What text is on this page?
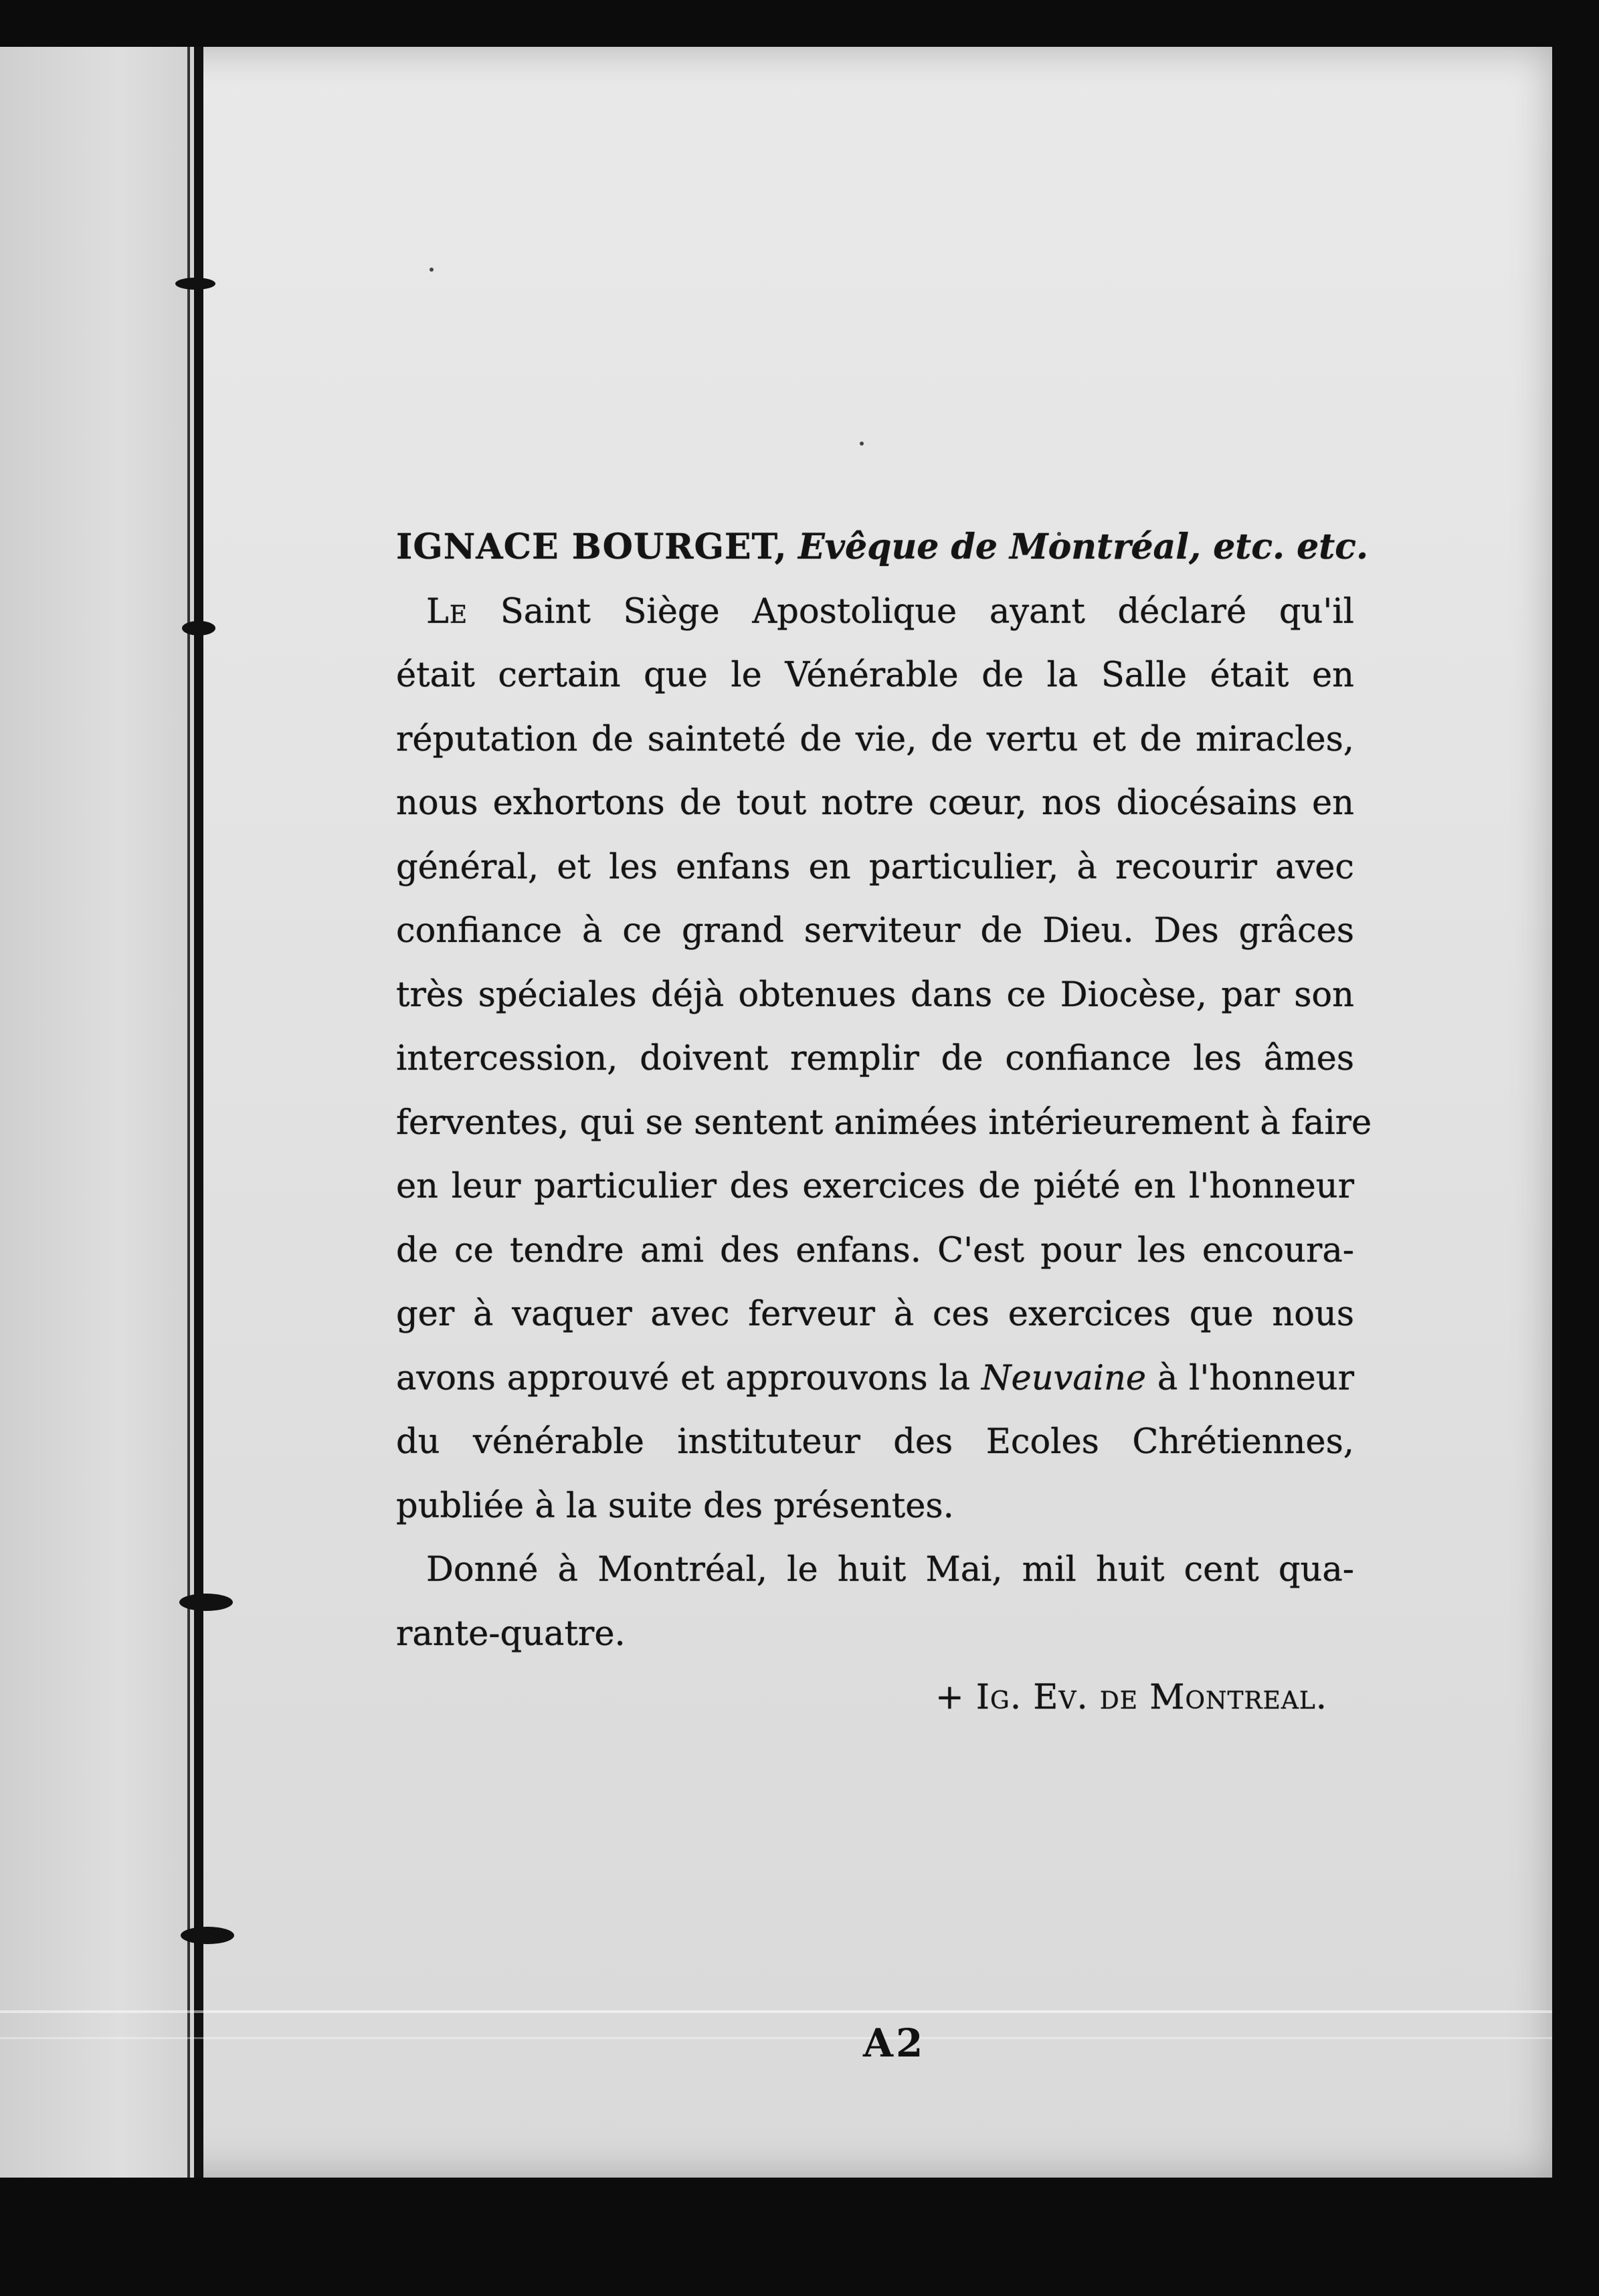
IGNACE BOURGET, Evêque de Montréal, etc. etc.

Le Saint Siège Apostolique ayant déclaré qu'il

était certain que le Vénérable de la Salle était en

réputation de sainteté de vie, de vertu et de miracles,

nous exhortons de tout notre cœur, nos diocésains en

général, et les enfans en particulier, à recourir avec

confiance à ce grand serviteur de Dieu. Des grâces

très spéciales déjà obtenues dans ce Diocèse, par son

intercession, doivent remplir de confiance les âmes

ferventes, qui se sentent animées intérieurement à faire

en leur particulier des exercices de piété en l'honneur

de ce tendre ami des enfans. C'est pour les encoura-

ger à vaquer avec ferveur à ces exercices que nous

avons approuvé et approuvons la Neuvaine à l'honneur

du vénérable instituteur des Ecoles Chrétiennes,

publiée à la suite des présentes.

Donné à Montréal, le huit Mai, mil huit cent qua-

rante-quatre.

+ Ig. Ev. de Montreal.
A2
